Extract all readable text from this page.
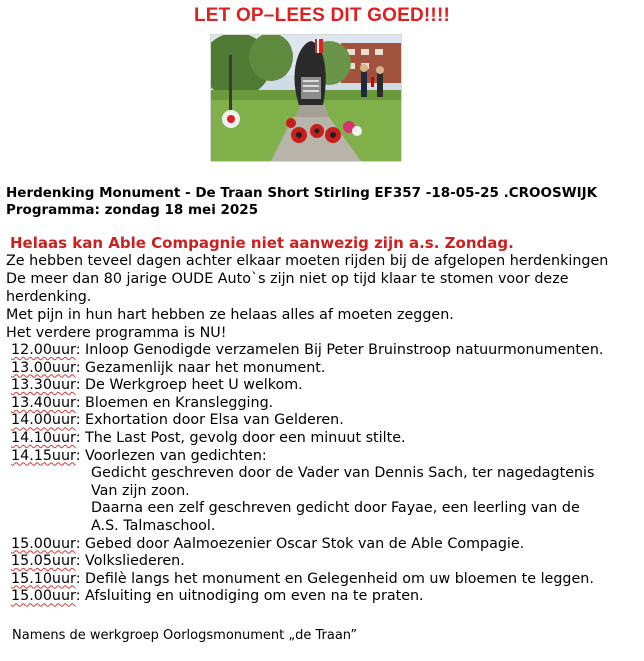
LET OP–LEES DIT GOED!!!!
Herdenking Monument - De Traan Short Stirling EF357 -18-05-25 .CROOSWIJK
Programma: zondag 18 mei 2025
Helaas kan Able Compagnie niet aanwezig zijn a.s. Zondag.
Ze hebben teveel dagen achter elkaar moeten rijden bij de afgelopen herdenkingen
De meer dan 80 jarige OUDE Auto`s zijn niet op tijd klaar te stomen voor deze
herdenking.
Met pijn in hun hart hebben ze helaas alles af moeten zeggen.
Het verdere programma is NU!
12.00uur: Inloop Genodigde verzamelen Bij Peter Bruinstroop natuurmonumenten.
13.00uur: Gezamenlijk naar het monument.
13.30uur: De Werkgroep heet U welkom.
13.40uur: Bloemen en Kranslegging.
14.00uur: Exhortation door Elsa van Gelderen.
14.10uur: The Last Post, gevolg door een minuut stilte.
14.15uur: Voorlezen van gedichten:
Gedicht geschreven door de Vader van Dennis Sach, ter nagedagtenis
Van zijn zoon.
Daarna een zelf geschreven gedicht door Fayae, een leerling van de
A.S. Talmaschool.
15.00uur: Gebed door Aalmoezenier Oscar Stok van de Able Compagie.
15.05uur: Volksliederen.
15.10uur: Defilè langs het monument en Gelegenheid om uw bloemen te leggen.
15.00uur: Afsluiting en uitnodiging om even na te praten.
Namens de werkgroep Oorlogsmonument „de Traan”
